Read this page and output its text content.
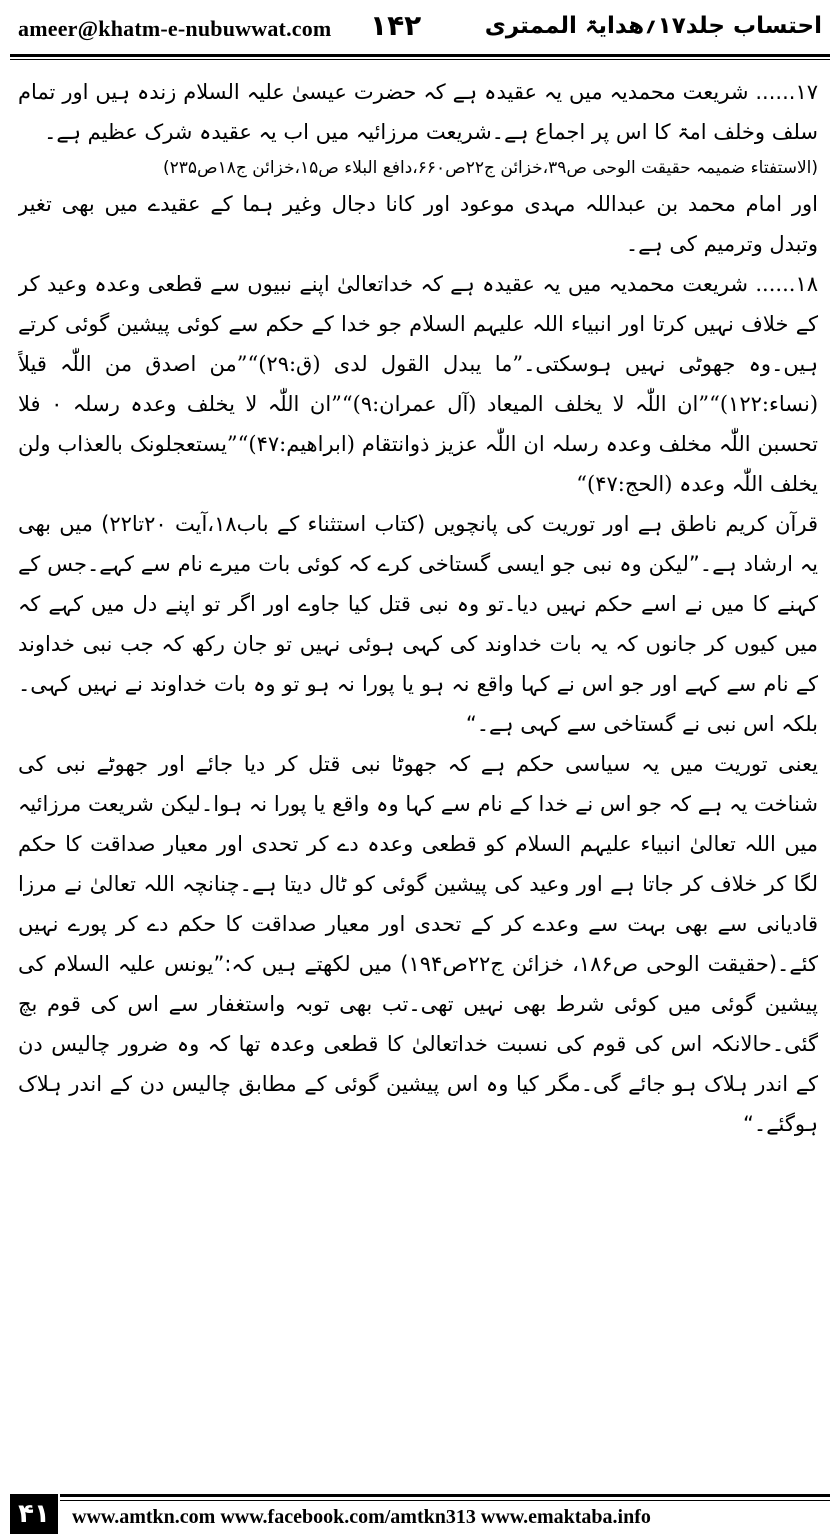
ameer@khatm-e-nubuwwat.com ۱۴۲	احتساب جلد۱۷؍ھدایۃ الممتری

۱۷...... شریعت محمدیہ میں یہ عقیدہ ہے کہ حضرت عیسیٰ علیہ السلام زندہ ہیں اور تمام سلف وخلف امۃ کا اس پر اجماع ہے۔شریعت مرزائیہ میں اب یہ عقیدہ شرک عظیم ہے۔

(الاستفتاء ضمیمہ حقیقت الوحی ص۳۹،خزائن ج۲۲ص۶۶۰،دافع البلاء ص۱۵،خزائن ج۱۸ص۲۳۵)

اور امام محمد بن عبداللہ مہدی موعود اور کانا دجال وغیر ہما کے عقیدے میں بھی تغیر وتبدل وترمیم کی ہے۔

۱۸...... شریعت محمدیہ میں یہ عقیدہ ہے کہ خداتعالیٰ اپنے نبیوں سے قطعی وعدہ وعید کر کے خلاف نہیں کرتا اور انبیاء اللہ علیہم السلام جو خدا کے حکم سے کوئی پیشین گوئی کرتے ہیں۔وہ جھوٹی نہیں ہوسکتی۔”ما یبدل القول لدی (ق:۲۹)“”من اصدق من اللّٰہ قیلاً (نساء:۱۲۲)“”ان اللّٰہ لا یخلف المیعاد (آل عمران:۹)“”ان اللّٰہ لا یخلف وعدہ رسلہ ۰ فلا تحسبن اللّٰہ مخلف وعدہ رسلہ ان اللّٰہ عزیز ذوانتقام (ابراھیم:۴۷)“”یستعجلونک بالعذاب ولن یخلف اللّٰہ وعدہ (الحج:۴۷)“

قرآن کریم ناطق ہے اور توریت کی پانچویں (کتاب استثناء کے باب۱۸،آیت ۲۰تا۲۲) میں بھی یہ ارشاد ہے۔”لیکن وہ نبی جو ایسی گستاخی کرے کہ کوئی بات میرے نام سے کہے۔جس کے کہنے کا میں نے اسے حکم نہیں دیا۔تو وہ نبی قتل کیا جاوے اور اگر تو اپنے دل میں کہے کہ میں کیوں کر جانوں کہ یہ بات خداوند کی کہی ہوئی نہیں تو جان رکھ کہ جب نبی خداوند کے نام سے کہے اور جو اس نے کہا واقع نہ ہو یا پورا نہ ہو تو وہ بات خداوند نے نہیں کہی۔بلکہ اس نبی نے گستاخی سے کہی ہے۔“

یعنی توریت میں یہ سیاسی حکم ہے کہ جھوٹا نبی قتل کر دیا جائے اور جھوٹے نبی کی شناخت یہ ہے کہ جو اس نے خدا کے نام سے کہا وہ واقع یا پورا نہ ہوا۔لیکن شریعت مرزائیہ میں اللہ تعالیٰ انبیاء علیہم السلام کو قطعی وعدہ دے کر تحدی اور معیار صداقت کا حکم لگا کر خلاف کر جاتا ہے اور وعید کی پیشین گوئی کو ٹال دیتا ہے۔چنانچہ اللہ تعالیٰ نے مرزا قادیانی سے بھی بہت سے وعدے کر کے تحدی اور معیار صداقت کا حکم دے کر پورے نہیں کئے۔(حقیقت الوحی ص۱۸۶، خزائن ج۲۲ص۱۹۴) میں لکھتے ہیں کہ:”یونس علیہ السلام کی پیشین گوئی میں کوئی شرط بھی نہیں تھی۔تب بھی توبہ واستغفار سے اس کی قوم بچ گئی۔حالانکہ اس کی قوم کی نسبت خداتعالیٰ کا قطعی وعدہ تھا کہ وہ ضرور چالیس دن کے اندر ہلاک ہو جائے گی۔مگر کیا وہ اس پیشین گوئی کے مطابق چالیس دن کے اندر ہلاک ہوگئے۔“

۴۱	www.amtkn.com www.facebook.com/amtkn313 www.emaktaba.info
